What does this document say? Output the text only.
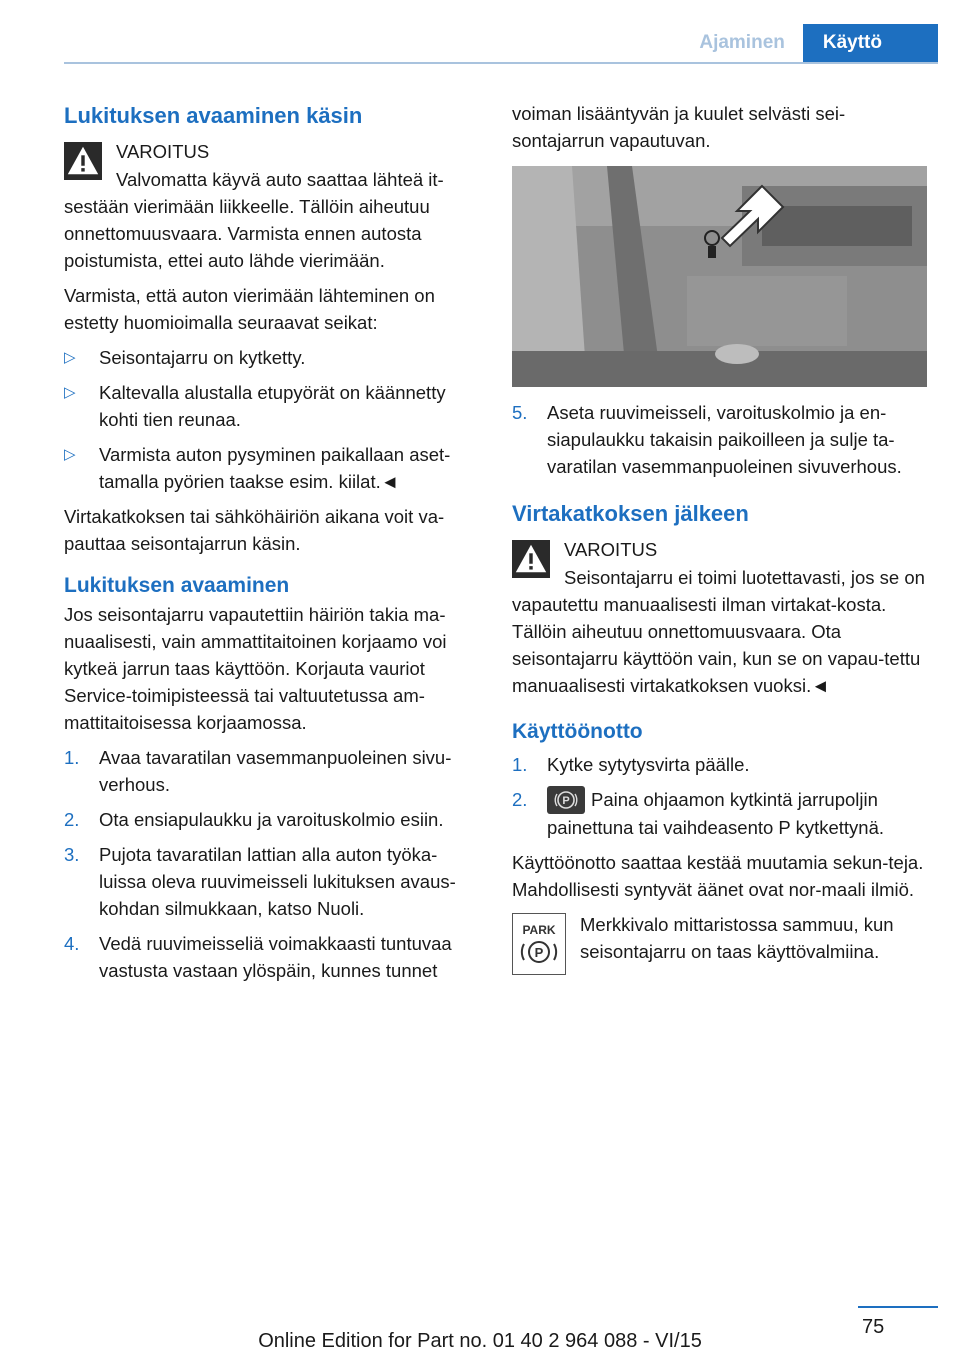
Ajaminen	Käyttö
Lukituksen avaaminen käsin

VAROITUS

Valvomatta käyvä auto saattaa lähteä it-sestään vierimään liikkeelle. Tällöin aiheutuu onnettomuusvaara. Varmista ennen autosta poistumista, ettei auto lähde vierimään.

Varmista, että auton vierimään lähteminen on estetty huomioimalla seuraavat seikat:

▷ Seisontajarru on kytketty.
▷ Kaltevalla alustalla etupyörät on käännetty kohti tien reunaa.
▷ Varmista auton pysyminen paikallaan aset-tamalla pyörien taakse esim. kiilat.◄

Virtakatkoksen tai sähköhäiriön aikana voit va-pauttaa seisontajarrun käsin.

Lukituksen avaaminen

Jos seisontajarru vapautettiin häiriön takia ma-nuaalisesti, vain ammattitaitoinen korjaamo voi kytkeä jarrun taas käyttöön. Korjauta vauriot Service-toimipisteessä tai valtuutetussa am-mattitaitoisessa korjaamossa.

1. Avaa tavaratilan vasemmanpuoleinen sivu-verhous.
2. Ota ensiapulaukku ja varoituskolmio esiin.
3. Pujota tavaratilan lattian alla auton työka-luissa oleva ruuvimeisseli lukituksen avaus-kohdan silmukkaan, katso Nuoli.
4. Vedä ruuvimeisseliä voimakkaasti tuntuvaa vastusta vastaan ylöspäin, kunnes tunnet

voiman lisääntyvän ja kuulet selvästi sei-sontajarrun vapautuvan.

5. Aseta ruuvimeisseli, varoituskolmio ja en-siapulaukku takaisin paikoilleen ja sulje ta-varatilan vasemmanpuoleinen sivuverhous.
Virtakatkoksen jälkeen

VAROITUS

Seisontajarru ei toimi luotettavasti, jos se on vapautettu manuaalisesti ilman virtakat-kosta. Tällöin aiheutuu onnettomuusvaara. Ota seisontajarru käyttöön vain, kun se on vapau-tettu manuaalisesti virtakatkoksen vuoksi.◄

Käyttöönotto
1. Kytke sytytysvirta päälle.
2.	P Paina ohjaamon kytkintä jarrupoljin painettuna tai vaihdeasento P kytkettynä.

Käyttöönotto saattaa kestää muutamia sekun-teja. Mahdollisesti syntyvät äänet ovat nor-maali ilmiö.

PARK
P

Merkkivalo mittaristossa sammuu, kun seisontajarru on taas käyttövalmiina.

75
Online Edition for Part no. 01 40 2 964 088 - VI/15
